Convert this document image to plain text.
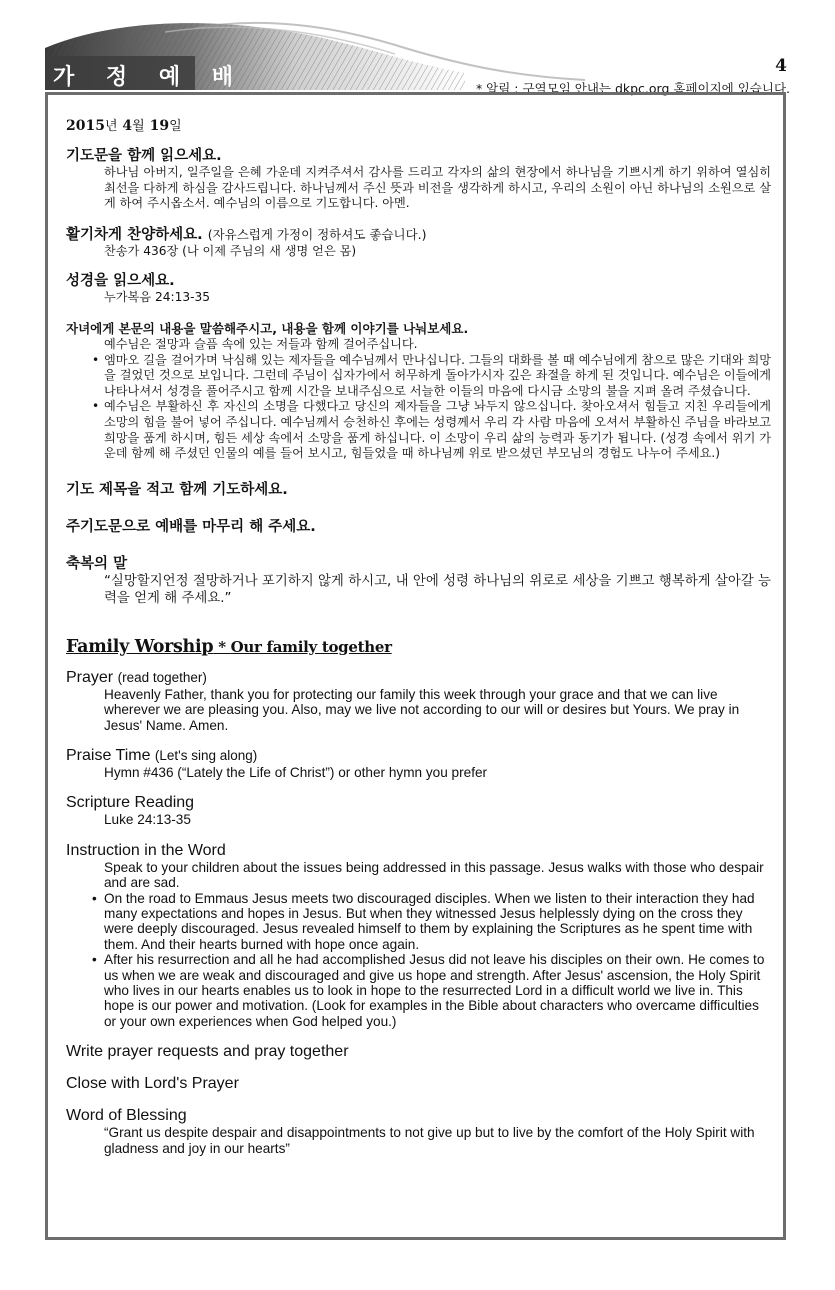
가 정 예 배	4
* 알림 : 구역모임 안내는 dkpc.org 홈페이지에 있습니다.
2015년 4월 19일

기도문을 함께 읽으세요.

하나님 아버지, 일주일을 은혜 가운데 지켜주셔서 감사를 드리고 각자의 삶의 현장에서 하나님을 기쁘시게 하기 위하여 열심히 최선을 다하게 하심을 감사드립니다. 하나님께서 주신 뜻과 비전을 생각하게 하시고, 우리의 소원이 아닌 하나님의 소원으로 살게 하여 주시옵소서. 예수님의 이름으로 기도합니다. 아멘.

활기차게 찬양하세요. (자유스럽게 가정이 정하셔도 좋습니다.)

찬송가 436장 (나 이제 주님의 새 생명 얻은 몸)

성경을 읽으세요.

누가복음 24:13-35

자녀에게 본문의 내용을 말씀해주시고, 내용을 함께 이야기를 나눠보세요.

예수님은 절망과 슬픔 속에 있는 저들과 함께 걸어주십니다.

• 엠마오 길을 걸어가며 낙심해 있는 제자들을 예수님께서 만나십니다. 그들의 대화를 볼 때 예수님에게 참으로 많은 기대와 희망을 걸었던 것으로 보입니다. 그런데 주님이 십자가에서 허무하게 돌아가시자 깊은 좌절을 하게 된 것입니다. 예수님은 이들에게 나타나셔서 성경을 풀어주시고 함께 시간을 보내주심으로 서늘한 이들의 마음에 다시금 소망의 불을 지펴 올려 주셨습니다.
• 예수님은 부활하신 후 자신의 소명을 다했다고 당신의 제자들을 그냥 놔두지 않으십니다. 찾아오셔서 힘들고 지친 우리들에게 소망의 힘을 불어 넣어 주십니다. 예수님께서 승천하신 후에는 성령께서 우리 각 사람 마음에 오셔서 부활하신 주님을 바라보고 희망을 품게 하시며, 힘든 세상 속에서 소망을 품게 하십니다. 이 소망이 우리 삶의 능력과 동기가 됩니다. (성경 속에서 위기 가운데 함께 해 주셨던 인물의 예를 들어 보시고, 힘들었을 때 하나님께 위로 받으셨던 부모님의 경험도 나누어 주세요.)

기도 제목을 적고 함께 기도하세요.

주기도문으로 예배를 마무리 해 주세요.

축복의 말

“실망할지언정 절망하거나 포기하지 않게 하시고, 내 안에 성령 하나님의 위로로 세상을 기쁘고 행복하게 살아갈 능력을 얻게 해 주세요.”

Family Worship * Our family together

Prayer (read together)

Heavenly Father, thank you for protecting our family this week through your grace and that we can live wherever we are pleasing you. Also, may we live not according to our will or desires but Yours. We pray in Jesus' Name. Amen.

Praise Time (Let's sing along)

Hymn #436 (“Lately the Life of Christ”) or other hymn you prefer

Scripture Reading

Luke 24:13-35

Instruction in the Word

Speak to your children about the issues being addressed in this passage. Jesus walks with those who despair and are sad.

• On the road to Emmaus Jesus meets two discouraged disciples. When we listen to their interaction they had many expectations and hopes in Jesus. But when they witnessed Jesus helplessly dying on the cross they were deeply discouraged. Jesus revealed himself to them by explaining the Scriptures as he spent time with them. And their hearts burned with hope once again.
• After his resurrection and all he had accomplished Jesus did not leave his disciples on their own. He comes to us when we are weak and discouraged and give us hope and strength. After Jesus' ascension, the Holy Spirit who lives in our hearts enables us to look in hope to the resurrected Lord in a difficult world we live in. This hope is our power and motivation. (Look for examples in the Bible about characters who overcame difficulties or your own experiences when God helped you.)

Write prayer requests and pray together

Close with Lord's Prayer

Word of Blessing

“Grant us despite despair and disappointments to not give up but to live by the comfort of the Holy Spirit with gladness and joy in our hearts”
